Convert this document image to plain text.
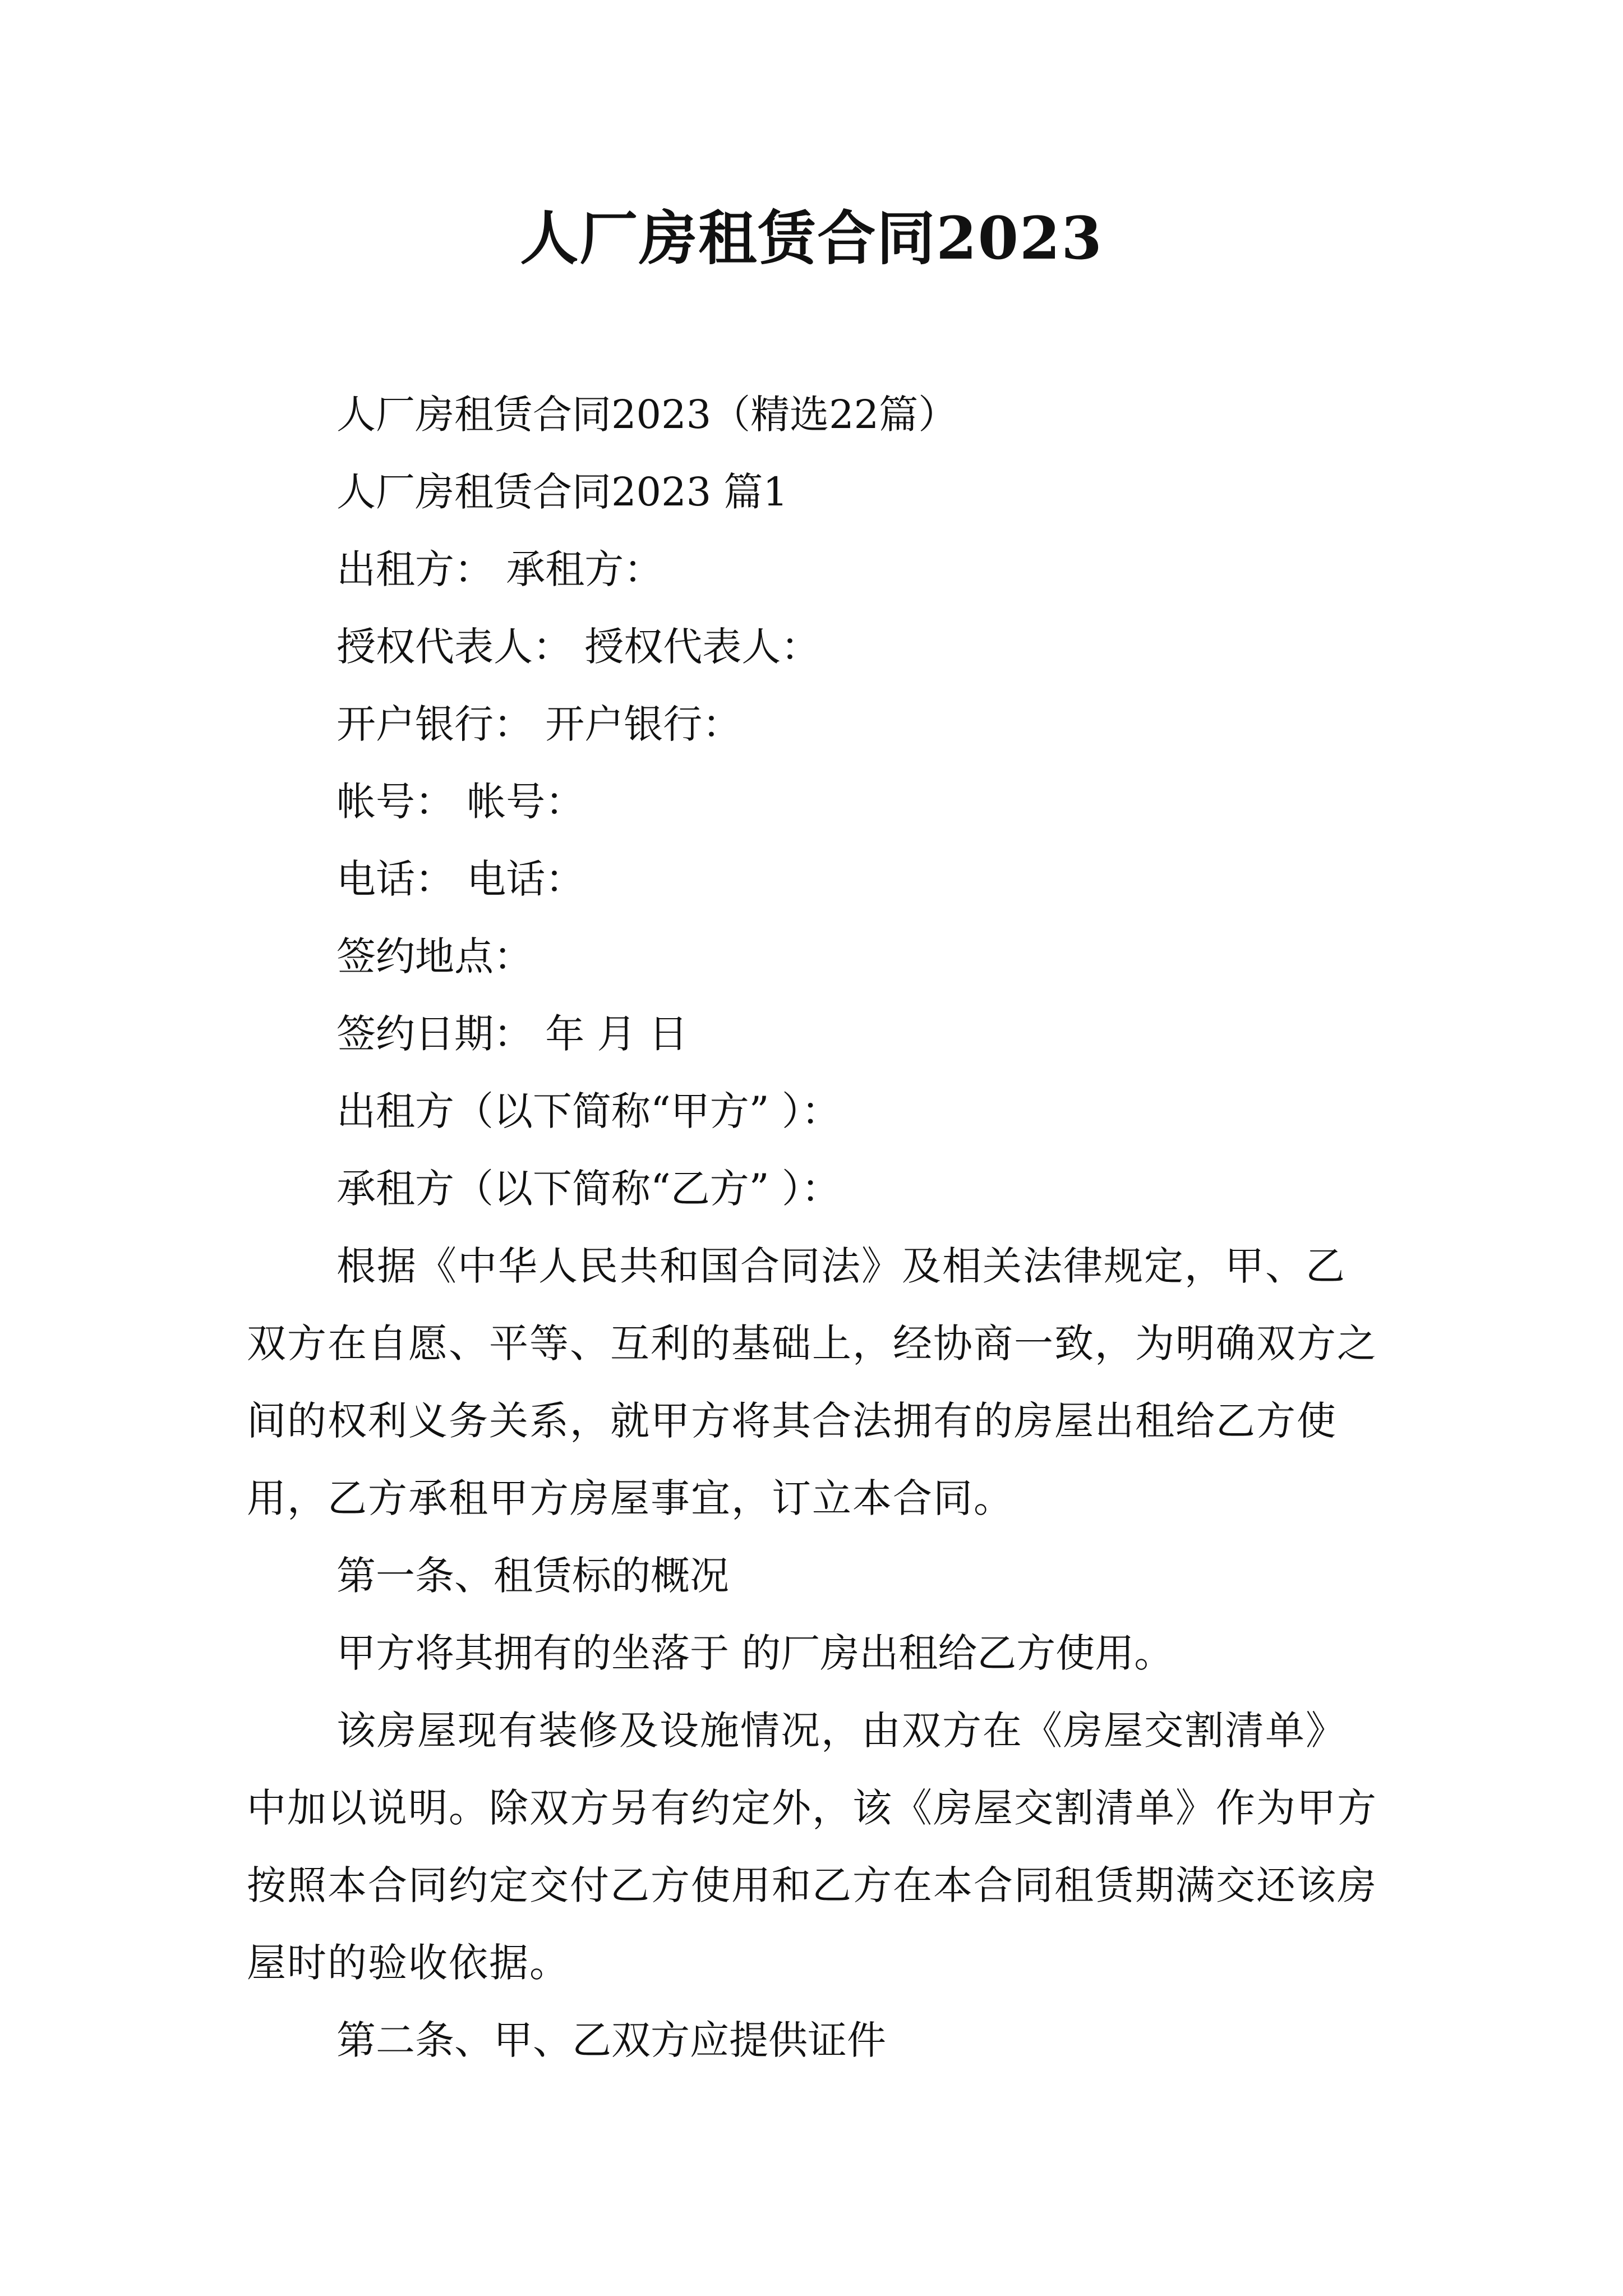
人厂房租赁合同2023

人厂房租赁合同2023（精选22篇）

人厂房租赁合同2023 篇1

出租方： 承租方：

授权代表人： 授权代表人：

开户银行： 开户银行：

帐号： 帐号：

电话： 电话：

签约地点：

签约日期： 年 月 日

出租方（以下简称“甲方” ）：

承租方（以下简称“乙方” ）：

根据《中华人民共和国合同法》及相关法律规定，甲、乙双方在自愿、平等、互利的基础上，经协商一致，为明确双方之间的权利义务关系，就甲方将其合法拥有的房屋出租给乙方使用，乙方承租甲方房屋事宜，订立本合同。

第一条、租赁标的概况

甲方将其拥有的坐落于 的厂房出租给乙方使用。

该房屋现有装修及设施情况，由双方在《房屋交割清单》中加以说明。除双方另有约定外，该《房屋交割清单》作为甲方按照本合同约定交付乙方使用和乙方在本合同租赁期满交还该房屋时的验收依据。

第二条、甲、乙双方应提供证件
